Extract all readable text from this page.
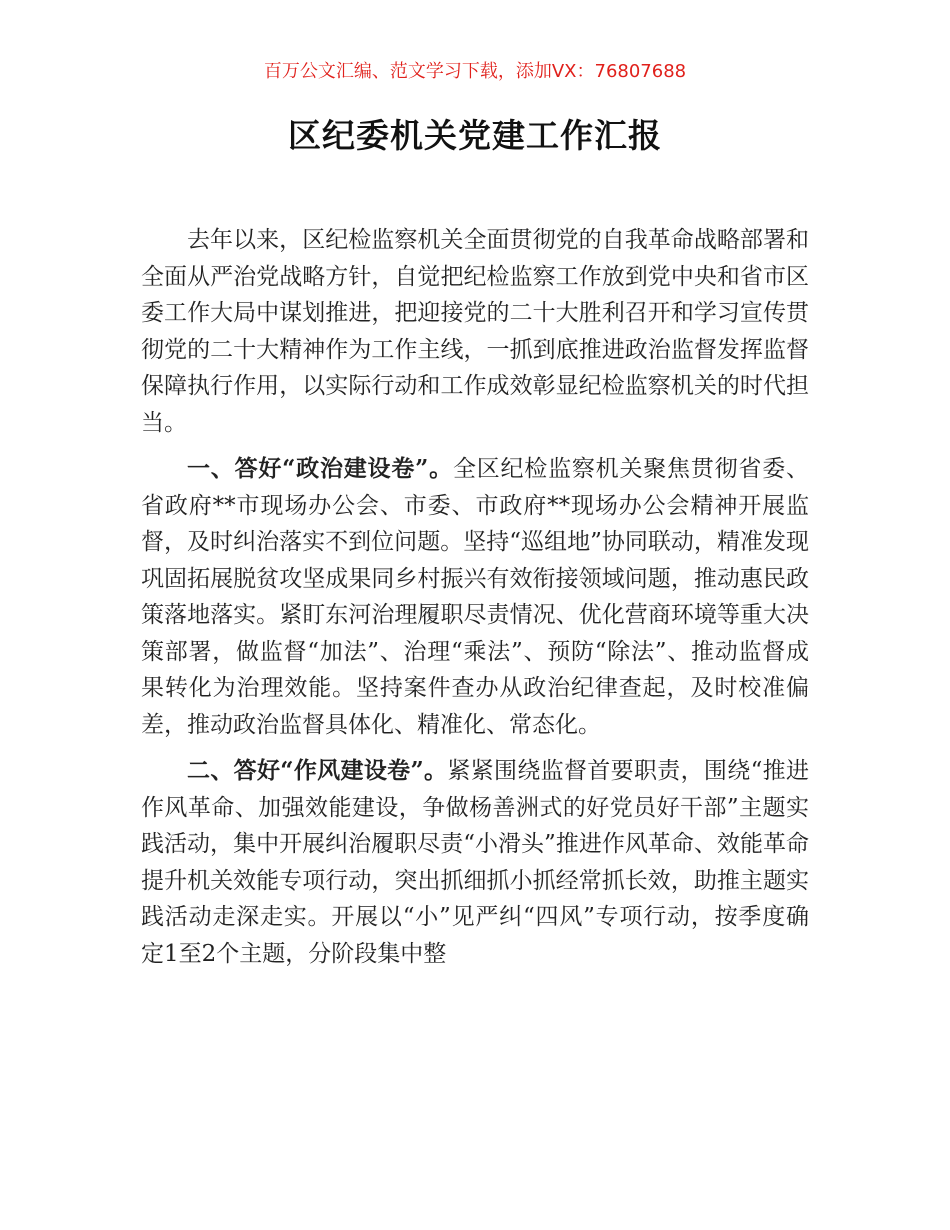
百万公文汇编、范文学习下载，添加VX：76807688
区纪委机关党建工作汇报

去年以来，区纪检监察机关全面贯彻党的自我革命战略部署和全面从严治党战略方针，自觉把纪检监察工作放到党中央和省市区委工作大局中谋划推进，把迎接党的二十大胜利召开和学习宣传贯彻党的二十大精神作为工作主线，一抓到底推进政治监督发挥监督保障执行作用，以实际行动和工作成效彰显纪检监察机关的时代担当。

一、答好“政治建设卷”。全区纪检监察机关聚焦贯彻省委、省政府**市现场办公会、市委、市政府**现场办公会精神开展监督，及时纠治落实不到位问题。坚持“巡组地”协同联动，精准发现巩固拓展脱贫攻坚成果同乡村振兴有效衔接领域问题，推动惠民政策落地落实。紧盯东河治理履职尽责情况、优化营商环境等重大决策部署，做监督“加法”、治理“乘法”、预防“除法”、推动监督成果转化为治理效能。坚持案件查办从政治纪律查起，及时校准偏差，推动政治监督具体化、精准化、常态化。

二、答好“作风建设卷”。紧紧围绕监督首要职责，围绕“推进作风革命、加强效能建设，争做杨善洲式的好党员好干部”主题实践活动，集中开展纠治履职尽责“小滑头”推进作风革命、效能革命提升机关效能专项行动，突出抓细抓小抓经常抓长效，助推主题实践活动走深走实。开展以“小”见严纠“四风”专项行动，按季度确定1至2个主题，分阶段集中整
